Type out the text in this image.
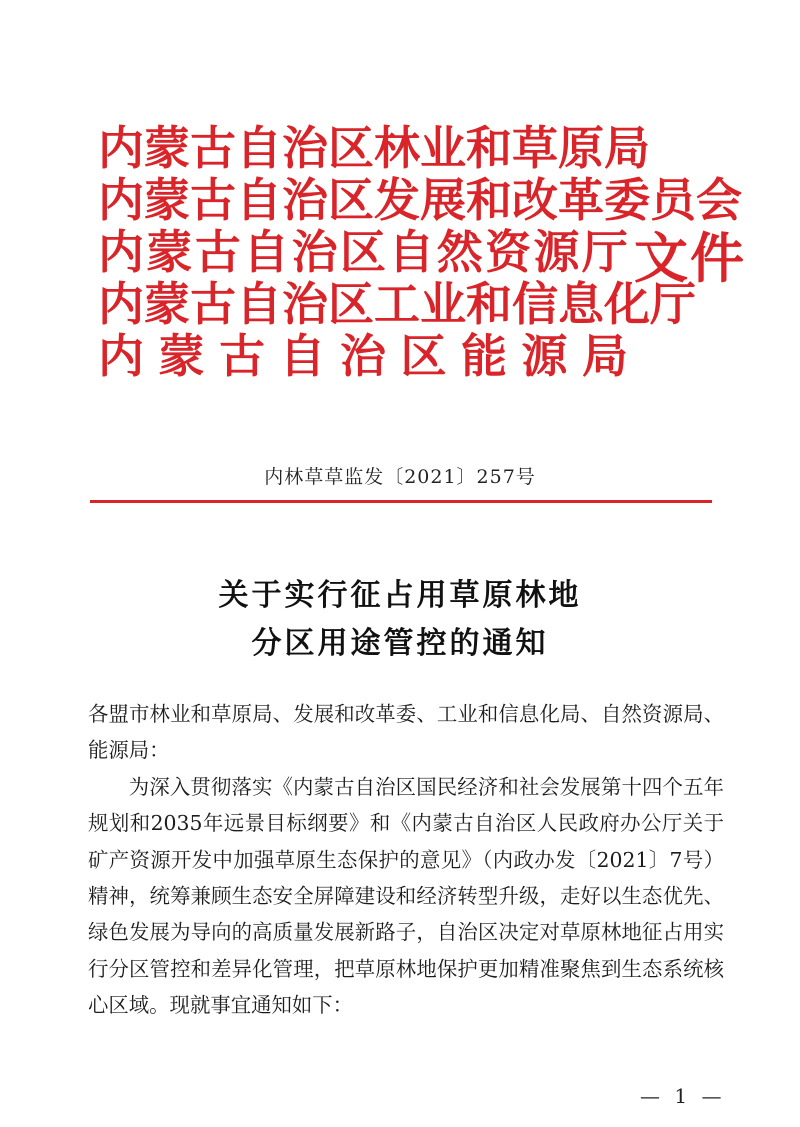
内 蒙 古 自 治 区 林 业 和 草 原 局
内 蒙 古 自 治 区 发 展 和 改 革 委 员 会
内 蒙 古 自 治 区 自 然 资 源 厅
内 蒙 古 自 治 区 工 业 和 信 息 化 厅
内 蒙 古 自 治 区 能 源 局
文件
内林草草监发〔2021〕257号
关于实行征占用草原林地
分区用途管控的通知

各盟市林业和草原局、发展和改革委、工业和信息化局、自然资源局、能源局：

为深入贯彻落实《内蒙古自治区国民经济和社会发展第十四个五年规划和2035年远景目标纲要》和《内蒙古自治区人民政府办公厅关于矿产资源开发中加强草原生态保护的意见》（内政办发〔2021〕7号）精神，统筹兼顾生态安全屏障建设和经济转型升级，走好以生态优先、绿色发展为导向的高质量发展新路子，自治区决定对草原林地征占用实行分区管控和差异化管理，把草原林地保护更加精准聚焦到生态系统核心区域。现就事宜通知如下：

— 1 —
